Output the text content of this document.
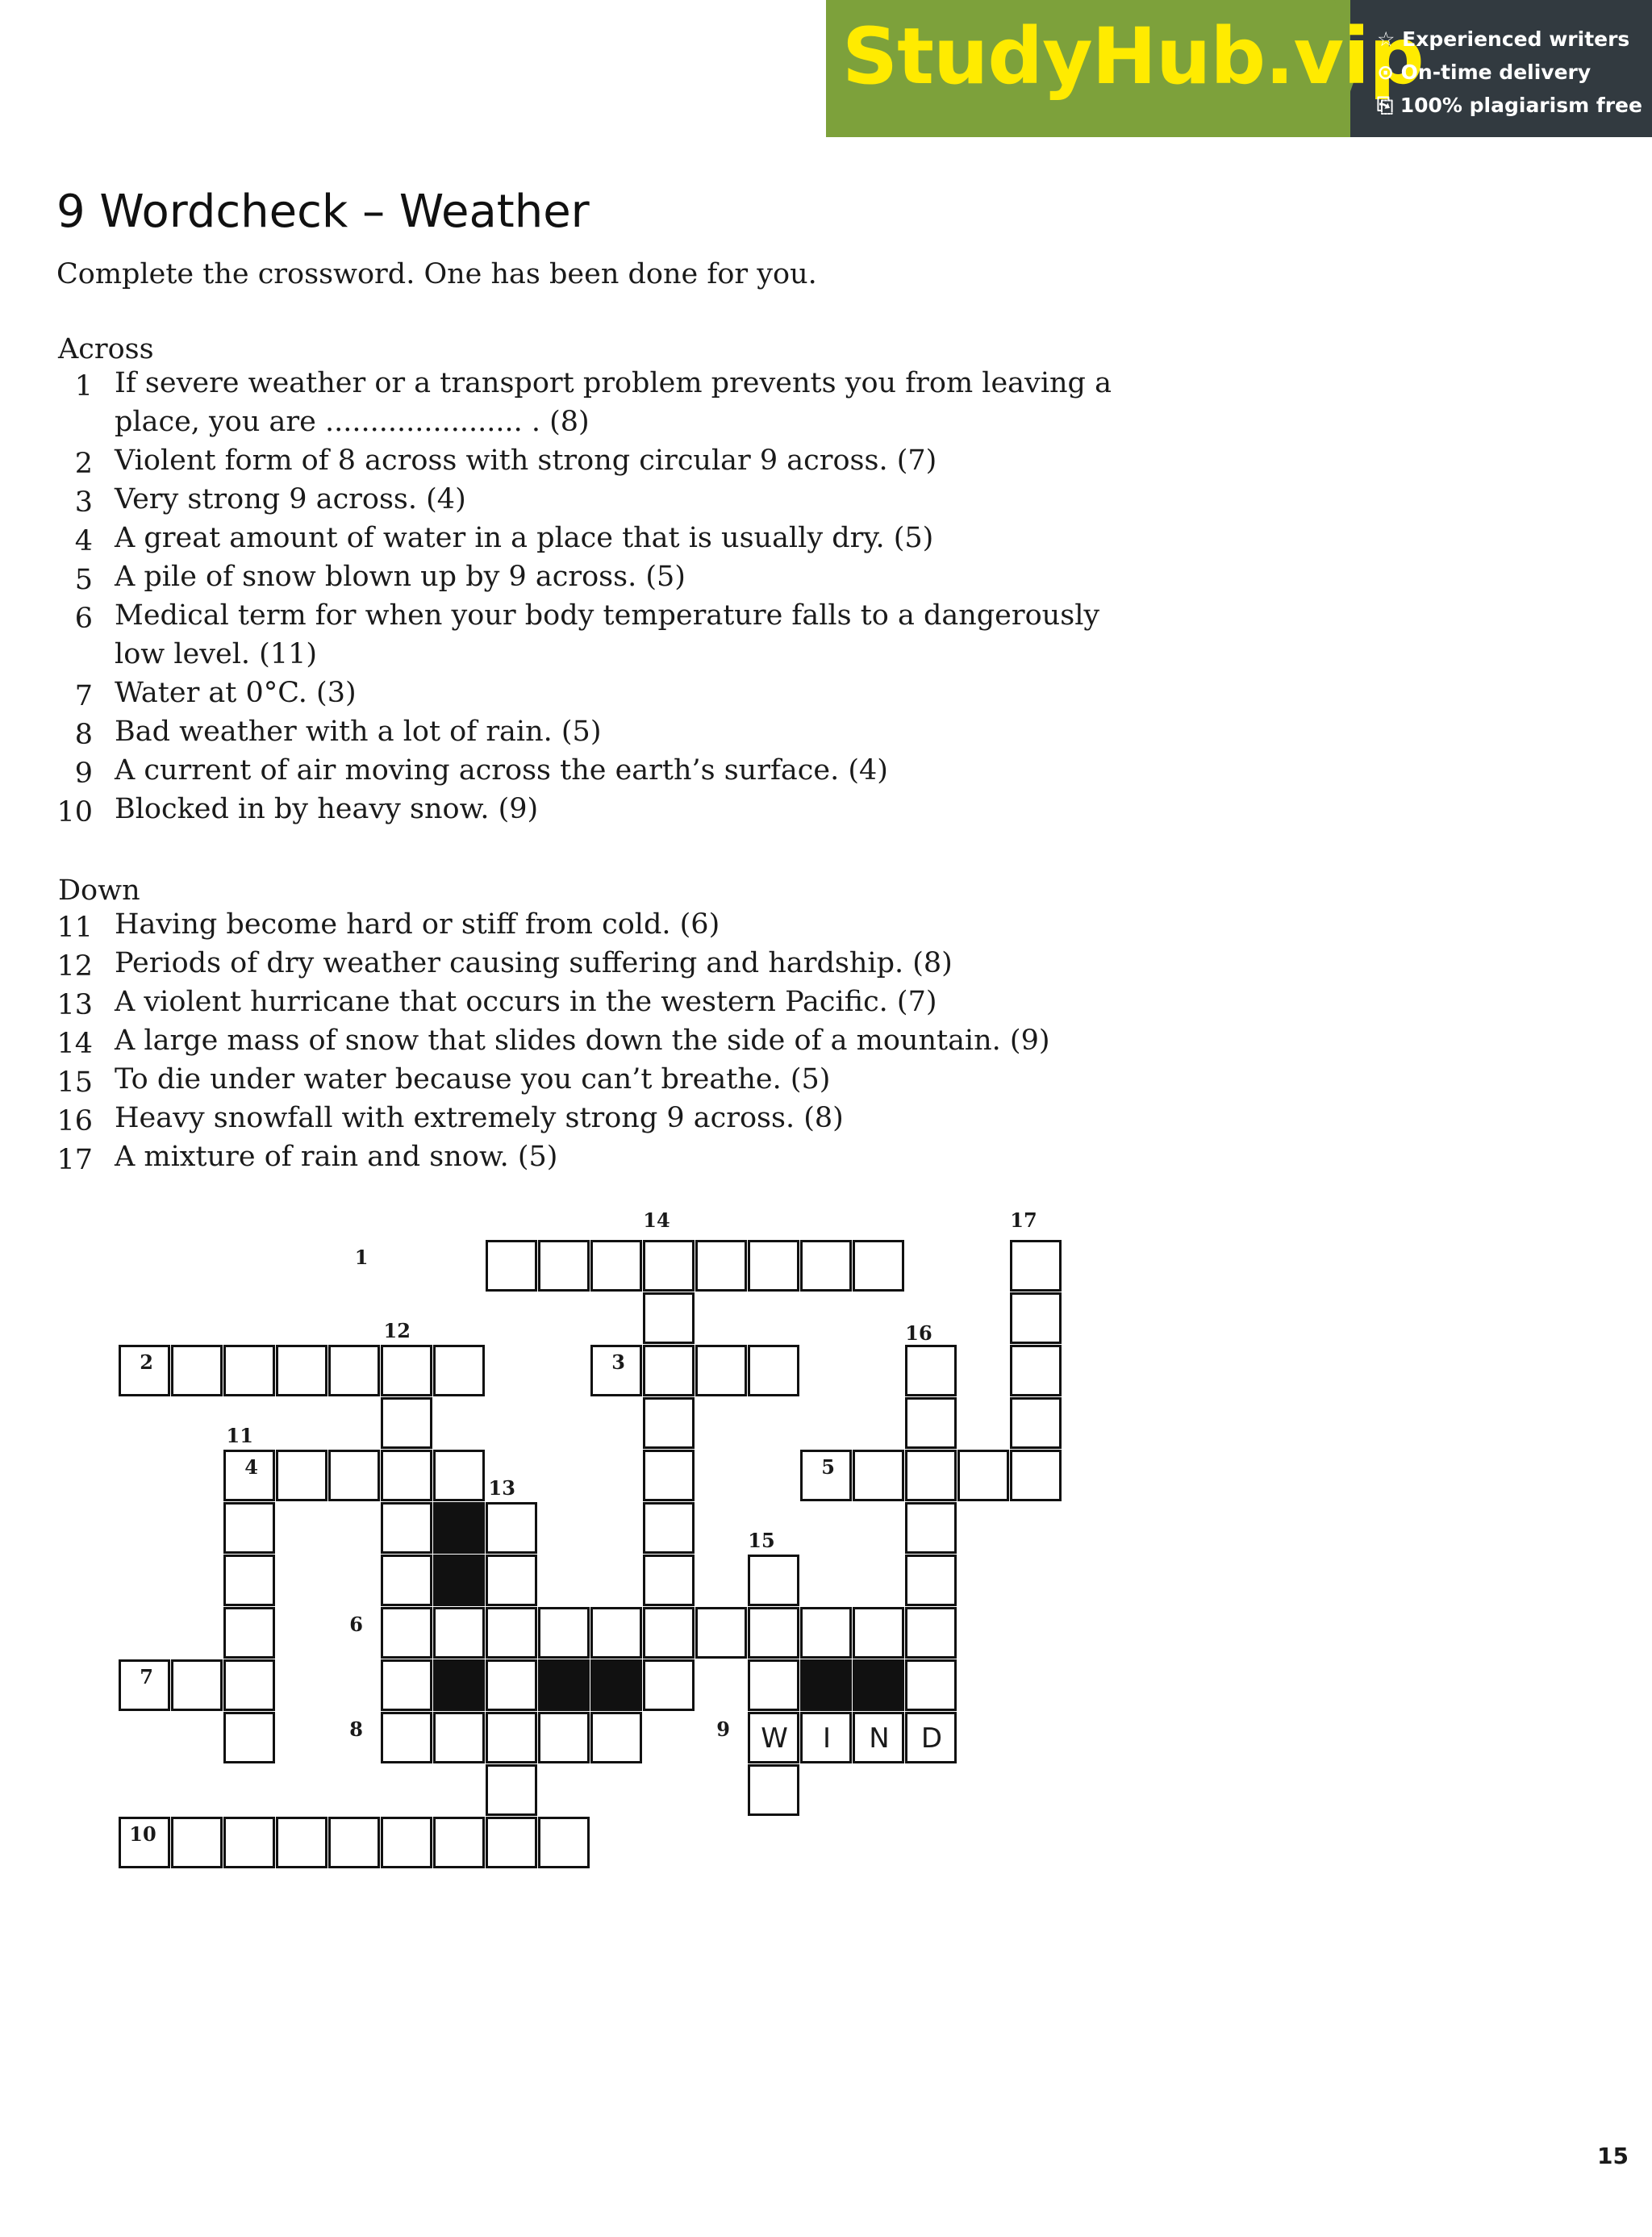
StudyHub.vip
☆ Experienced writers
⊙ On-time delivery
⎘ 100% plagiarism free
9 Wordcheck – Weather
Complete the crossword. One has been done for you.
Across
1 If severe weather or a transport problem prevents you from leaving a place, you are ...................... . (8)
2 Violent form of 8 across with strong circular 9 across. (7)
3 Very strong 9 across. (4)
4 A great amount of water in a place that is usually dry. (5)
5 A pile of snow blown up by 9 across. (5)
6 Medical term for when your body temperature falls to a dangerously low level. (11)
7 Water at 0°C. (3)
8 Bad weather with a lot of rain. (5)
9 A current of air moving across the earth’s surface. (4)
10 Blocked in by heavy snow. (9)
Down
11 Having become hard or stiff from cold. (6)
12 Periods of dry weather causing suffering and hardship. (8)
13 A violent hurricane that occurs in the western Pacific. (7)
14 A large mass of snow that slides down the side of a mountain. (9)
15 To die under water because you can’t breathe. (5)
16 Heavy snowfall with extremely strong 9 across. (8)
17 A mixture of rain and snow. (5)
W	I	N	D
1
2	3
4	5
6
7
8	9
10
11
12
13
14
15
16
17
15
